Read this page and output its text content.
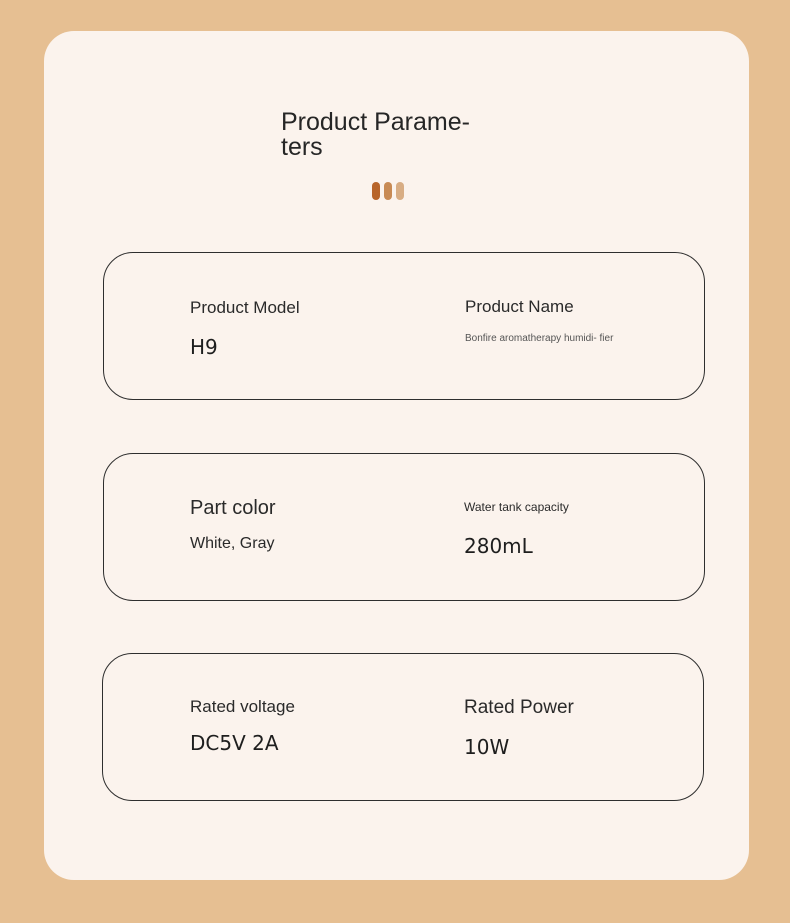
Product Parame- ters
Product Model
H9
Product Name
Bonfire aromatherapy humidi- fier
Part color
White, Gray
Water tank capacity
280mL
Rated voltage
DC5V 2A
Rated Power
10W
